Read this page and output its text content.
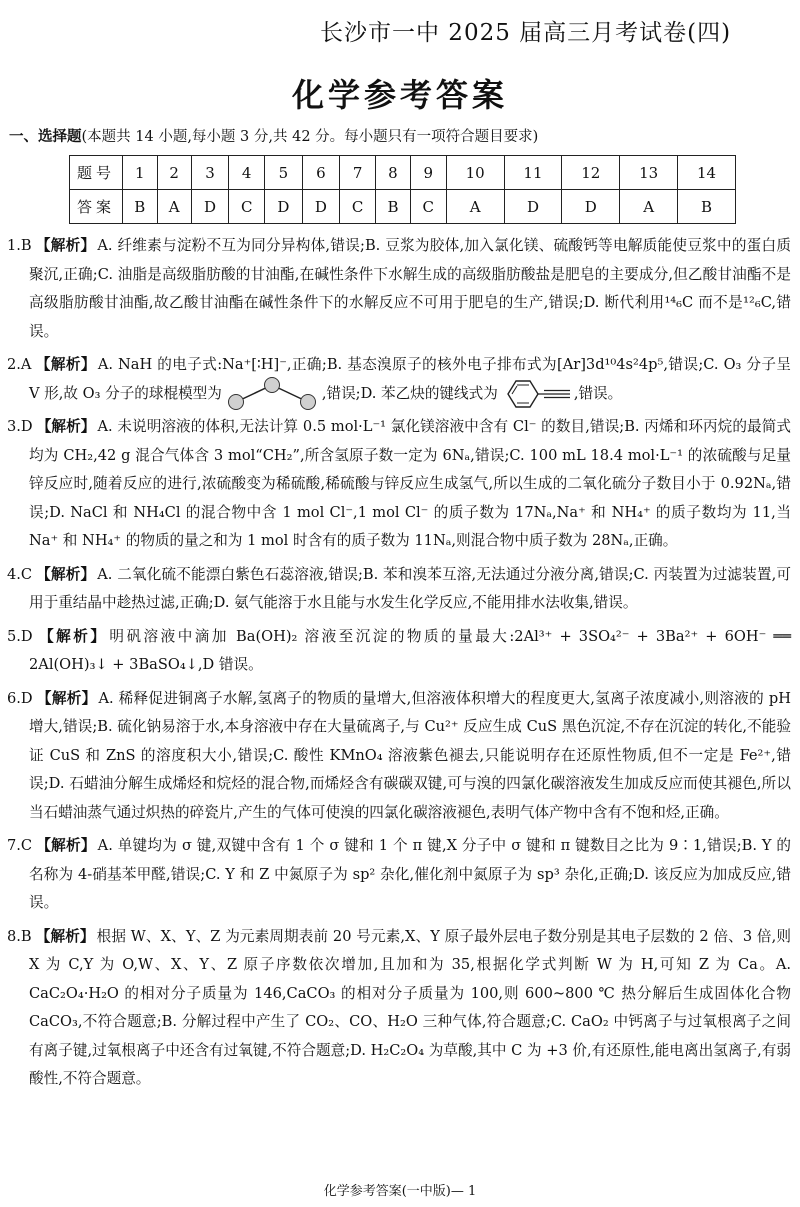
长沙市一中 2025 届高三月考试卷(四)
化学参考答案
一、选择题(本题共 14 小题,每小题 3 分,共 42 分。每小题只有一项符合题目要求)
题号	1	2	3	4	5	6	7	8	9	10	11	12	13	14
答案	B	A	D	C	D	D	C	B	C	A	D	D	A	B
1.B 【解析】 A. 纤维素与淀粉不互为同分异构体,错误;B. 豆浆为胶体,加入氯化镁、硫酸钙等电解质能使豆浆中的蛋白质聚沉,正确;C. 油脂是高级脂肪酸的甘油酯,在碱性条件下水解生成的高级脂肪酸盐是肥皂的主要成分,但乙酸甘油酯不是高级脂肪酸甘油酯,故乙酸甘油酯在碱性条件下的水解反应不可用于肥皂的生产,错误;D. 断代利用¹⁴₆C 而不是¹²₆C,错误。
2.A 【解析】 A. NaH 的电子式:Na⁺[∶H]⁻,正确;B. 基态溴原子的核外电子排布式为[Ar]3d¹⁰4s²4p⁵,错误;C. O₃ 分子呈 V 形,故 O₃ 分子的球棍模型为	,错误;D. 苯乙炔的键线式为	,错误。
3.D 【解析】 A. 未说明溶液的体积,无法计算 0.5 mol·L⁻¹ 氯化镁溶液中含有 Cl⁻ 的数目,错误;B. 丙烯和环丙烷的最简式均为 CH₂,42 g 混合气体含 3 mol“CH₂”,所含氢原子数一定为 6Nₐ,错误;C. 100 mL 18.4 mol·L⁻¹ 的浓硫酸与足量锌反应时,随着反应的进行,浓硫酸变为稀硫酸,稀硫酸与锌反应生成氢气,所以生成的二氧化硫分子数目小于 0.92Nₐ,错误;D. NaCl 和 NH₄Cl 的混合物中含 1 mol Cl⁻,1 mol Cl⁻ 的质子数为 17Nₐ,Na⁺ 和 NH₄⁺ 的质子数均为 11,当 Na⁺ 和 NH₄⁺ 的物质的量之和为 1 mol 时含有的质子数为 11Nₐ,则混合物中质子数为 28Nₐ,正确。
4.C 【解析】 A. 二氧化硫不能漂白紫色石蕊溶液,错误;B. 苯和溴苯互溶,无法通过分液分离,错误;C. 丙装置为过滤装置,可用于重结晶中趁热过滤,正确;D. 氨气能溶于水且能与水发生化学反应,不能用排水法收集,错误。
5.D 【解析】 明矾溶液中滴加 Ba(OH)₂ 溶液至沉淀的物质的量最大:2Al³⁺ + 3SO₄²⁻ + 3Ba²⁺ + 6OH⁻ ══ 2Al(OH)₃↓ + 3BaSO₄↓,D 错误。
6.D 【解析】 A. 稀释促进铜离子水解,氢离子的物质的量增大,但溶液体积增大的程度更大,氢离子浓度减小,则溶液的 pH 增大,错误;B. 硫化钠易溶于水,本身溶液中存在大量硫离子,与 Cu²⁺ 反应生成 CuS 黑色沉淀,不存在沉淀的转化,不能验证 CuS 和 ZnS 的溶度积大小,错误;C. 酸性 KMnO₄ 溶液紫色褪去,只能说明存在还原性物质,但不一定是 Fe²⁺,错误;D. 石蜡油分解生成烯烃和烷烃的混合物,而烯烃含有碳碳双键,可与溴的四氯化碳溶液发生加成反应而使其褪色,所以当石蜡油蒸气通过炽热的碎瓷片,产生的气体可使溴的四氯化碳溶液褪色,表明气体产物中含有不饱和烃,正确。
7.C 【解析】 A. 单键均为 σ 键,双键中含有 1 个 σ 键和 1 个 π 键,X 分子中 σ 键和 π 键数目之比为 9∶1,错误;B. Y 的名称为 4-硝基苯甲醛,错误;C. Y 和 Z 中氮原子为 sp² 杂化,催化剂中氮原子为 sp³ 杂化,正确;D. 该反应为加成反应,错误。
8.B 【解析】 根据 W、X、Y、Z 为元素周期表前 20 号元素,X、Y 原子最外层电子数分别是其电子层数的 2 倍、3 倍,则 X 为 C,Y 为 O,W、X、Y、Z 原子序数依次增加,且加和为 35,根据化学式判断 W 为 H,可知 Z 为 Ca。A. CaC₂O₄·H₂O 的相对分子质量为 146,CaCO₃ 的相对分子质量为 100,则 600~800 ℃ 热分解后生成固体化合物 CaCO₃,不符合题意;B. 分解过程中产生了 CO₂、CO、H₂O 三种气体,符合题意;C. CaO₂ 中钙离子与过氧根离子之间有离子键,过氧根离子中还含有过氧键,不符合题意;D. H₂C₂O₄ 为草酸,其中 C 为 +3 价,有还原性,能电离出氢离子,有弱酸性,不符合题意。
化学参考答案(一中版)— 1
